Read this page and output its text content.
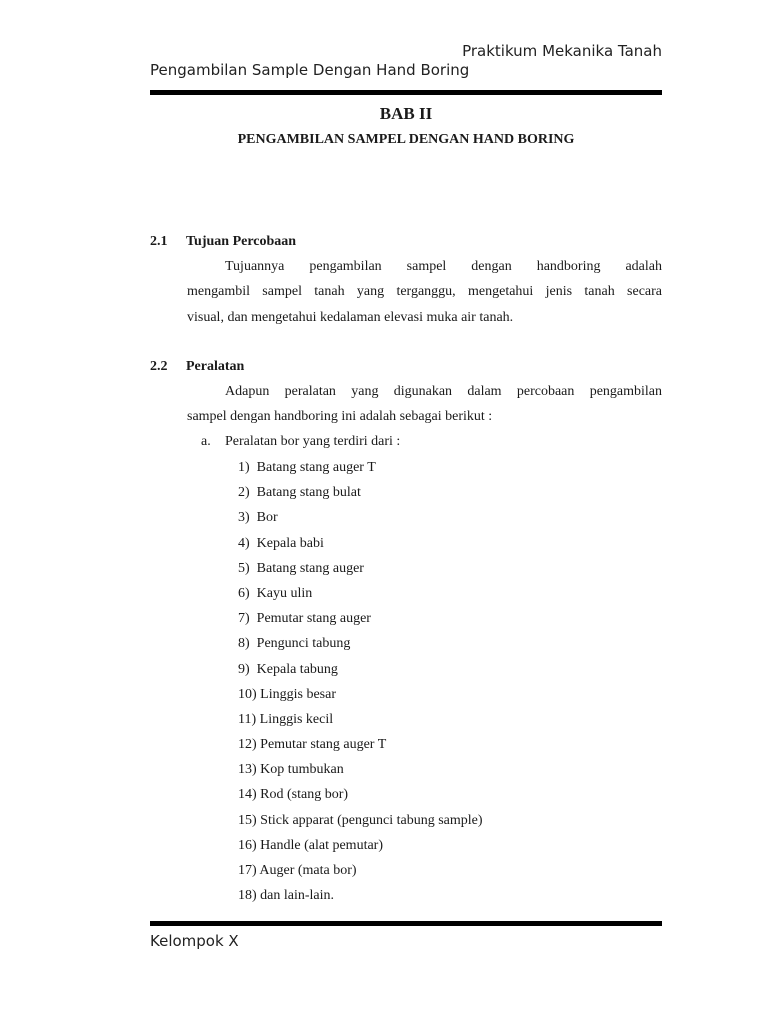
Praktikum Mekanika Tanah
Pengambilan Sample Dengan Hand Boring
BAB II
PENGAMBILAN SAMPEL DENGAN HAND BORING
2.1 Tujuan Percobaan
Tujuannya pengambilan sampel dengan handboring adalah
mengambil sampel tanah yang terganggu, mengetahui jenis tanah secara
visual, dan mengetahui kedalaman elevasi muka air tanah.
2.2 Peralatan
Adapun peralatan yang digunakan dalam percobaan pengambilan
sampel dengan handboring ini adalah sebagai berikut :
a. Peralatan bor yang terdiri dari :
1) Batang stang auger T
2) Batang stang bulat
3) Bor
4) Kepala babi
5) Batang stang auger
6) Kayu ulin
7) Pemutar stang auger
8) Pengunci tabung
9) Kepala tabung
10) Linggis besar
11) Linggis kecil
12) Pemutar stang auger T
13) Kop tumbukan
14) Rod (stang bor)
15) Stick apparat (pengunci tabung sample)
16) Handle (alat pemutar)
17) Auger (mata bor)
18) dan lain-lain.
Kelompok X
